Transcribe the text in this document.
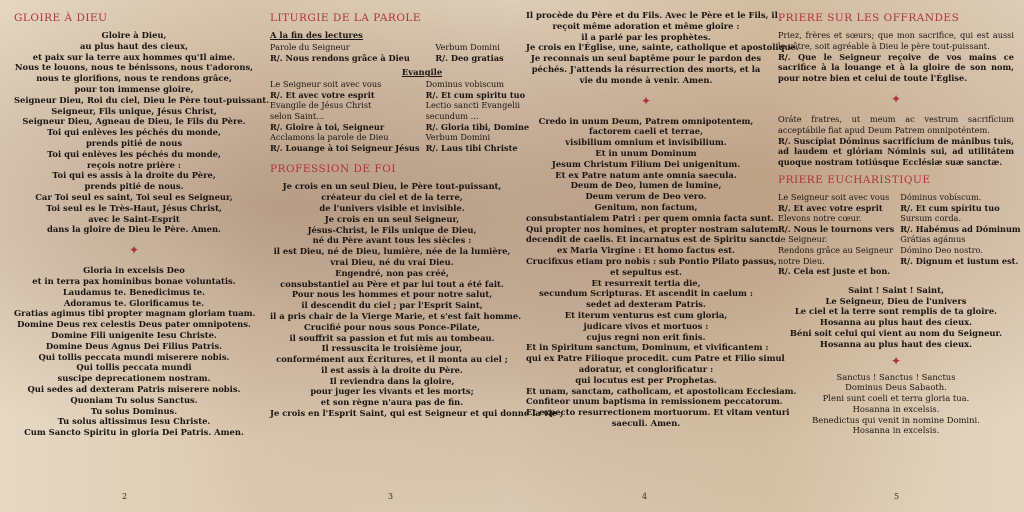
GLOIRE À DIEU
Gloire à Dieu,
au plus haut des cieux,
et paix sur la terre aux hommes qu'Il aime.
Nous te louons, nous te bénissons, nous t'adorons,
nous te glorifions, nous te rendons grâce,
pour ton immense gloire,
Seigneur Dieu, Roi du ciel, Dieu le Père tout-puissant.
Seigneur, Fils unique, Jésus Christ,
Seigneur Dieu, Agneau de Dieu, le Fils du Père.
Toi qui enlèves les péchés du monde,
prends pitié de nous
Toi qui enlèves les péchés du monde,
reçois notre prière :
Toi qui es assis à la droite du Père,
prends pitié de nous.
Car Toi seul es saint, Toi seul es Seigneur,
Toi seul es le Très-Haut, Jésus Christ,
avec le Saint-Esprit
dans la gloire de Dieu le Père. Amen.
✦
Gloria in excelsis Deo
et in terra pax hominibus bonae voluntatis.
Laudamus te. Benedicimus te.
Adoramus te. Glorificamus te.
Gratias agimus tibi propter magnam gloriam tuam.
Domine Deus rex celestis Deus pater omnipotens.
Domine Fili unigenite Iesu Christe.
Domine Deus Agnus Dei Filius Patris.
Qui tollis peccata mundi miserere nobis.
Qui tollis peccata mundi
suscipe deprecationem nostram.
Qui sedes ad dexteram Patris miserere nobis.
Quoniam Tu solus Sanctus.
Tu solus Dominus.
Tu solus altissimus Iesu Christe.
Cum Sancto Spiritu in gloria Dei Patris. Amen.
2
LITURGIE DE LA PAROLE
A la fin des lectures
Parole du Seigneur	Verbum Domini
R/. Nous rendons grâce à Dieu	R/. Deo gratias
Evangile
Le Seigneur soit avec vous	Dominus vobiscum
R/. Et avec votre esprit	R/. Et cum spiritu tuo
Evangile de Jésus Christ	Lectio sancti Evangelii
selon Saint...	secundum ...
R/. Gloire à toi, Seigneur	R/. Gloria tibi, Domine
Acclamons la parole de Dieu	Verbum Domini
R/. Louange à toi Seigneur Jésus	R/. Laus tibi Christe
PROFESSION DE FOI
Je crois en un seul Dieu, le Père tout-puissant,
créateur du ciel et de la terre,
de l'univers visible et invisible.
Je crois en un seul Seigneur,
Jésus-Christ, le Fils unique de Dieu,
né du Père avant tous les siècles :
il est Dieu, né de Dieu, lumière, née de la lumière,
vrai Dieu, né du vrai Dieu.
Engendré, non pas créé,
consubstantiel au Père et par lui tout a été fait.
Pour nous les hommes et pour notre salut,
il descendit du ciel ; par l'Esprit Saint,
il a pris chair de la Vierge Marie, et s'est fait homme.
Crucifié pour nous sous Ponce-Pilate,
il souffrit sa passion et fut mis au tombeau.
Il ressuscita le troisième jour,
conformément aux Écritures, et il monta au ciel ;
il est assis à la droite du Père.
Il reviendra dans la gloire,
pour juger les vivants et les morts;
et son règne n'aura pas de fin.
Je crois en l'Esprit Saint, qui est Seigneur et qui donne la vie ;
3
Il procède du Père et du Fils. Avec le Père et le Fils, il
reçoit même adoration et même gloire :
il a parlé par les prophètes.
Je crois en l'Église, une, sainte, catholique et apostolique.
Je reconnais un seul baptême pour le pardon des
péchés. J'attends la résurrection des morts, et la
vie du monde à venir. Amen.
✦
Credo in unum Deum, Patrem omnipotentem,
factorem caeli et terrae,
visibilium omnium et invisibilium.
Et in unum Dominum
Jesum Christum Filium Dei unigenitum.
Et ex Patre natum ante omnia saecula.
Deum de Deo, lumen de lumine,
Deum verum de Deo vero.
Genitum, non factum,
consubstantialem Patri : per quem omnia facta sunt.
Qui propter nos homines, et propter nostram salutem
decendit de caelis. Et incarnatus est de Spiritu sancto
ex Maria Virgine : Et homo factus est.
Crucifixus etiam pro nobis : sub Pontio Pilato passus,
et sepultus est.
Et resurrexit tertia die,
secundum Scripturas. Et ascendit in caelum :
sedet ad dexteram Patris.
Et iterum venturus est cum gloria,
judicare vivos et mortuos :
cujus regni non erit finis.
Et in Spiritum sanctum, Dominum, et vivificantem :
qui ex Patre Filioque procedit. cum Patre et Filio simul
adoratur, et conglorificatur :
qui locutus est per Prophetas.
Et unam, sanctam, catholicam, et apostolicam Ecclesiam.
Confiteor unum baptisma in remissionem peccatorum.
Et expecto resurrectionem mortuorum. Et vitam venturi
saeculi. Amen.
4
PRIERE SUR LES OFFRANDES
Priez, frères et sœurs; que mon sacrifice, qui est aussi le vôtre, soit agréable à Dieu le père tout-puissant.
R/. Que le Seigneur reçoive de vos mains ce sacrifice à la louange et à la gloire de son nom, pour notre bien et celui de toute l'Église.
✦
Oráte fratres, ut meum ac vestrum sacrifícium acceptábile fiat apud Deum Patrem omnipoténtem.
R/. Suscípiat Dóminus sacrifícium de mánibus tuis, ad laudem et glóriam Nóminis sui, ad utilitátem quoque nostram totiúsque Ecclésiæ suæ sanctæ.
PRIERE EUCHARISTIQUE
Le Seigneur soit avec vous	Dóminus vobíscum.
R/. Et avec votre esprit	R/. Et cum spíritu tuo
Elevons notre cœur.	Sursum corda.
R/. Nous le tournons vers	R/. Habémus ad Dóminum
le Seigneur.	Grátias agámus
Rendons grâce au Seigneur	Dómino Deo nostro.
notre Dieu.	R/. Dignum et iustum est.
R/. Cela est juste et bon.	
Saint ! Saint ! Saint,
Le Seigneur, Dieu de l'univers
Le ciel et la terre sont remplis de ta gloire.
Hosanna au plus haut des cieux.
Béni soit celui qui vient au nom du Seigneur.
Hosanna au plus haut des cieux.
✦
Sanctus ! Sanctus ! Sanctus
Dominus Deus Sabaoth.
Pleni sunt coeli et terra gloria tua.
Hosanna in excelsis.
Benedictus qui venit in nomine Domini.
Hosanna in excelsis.
5
